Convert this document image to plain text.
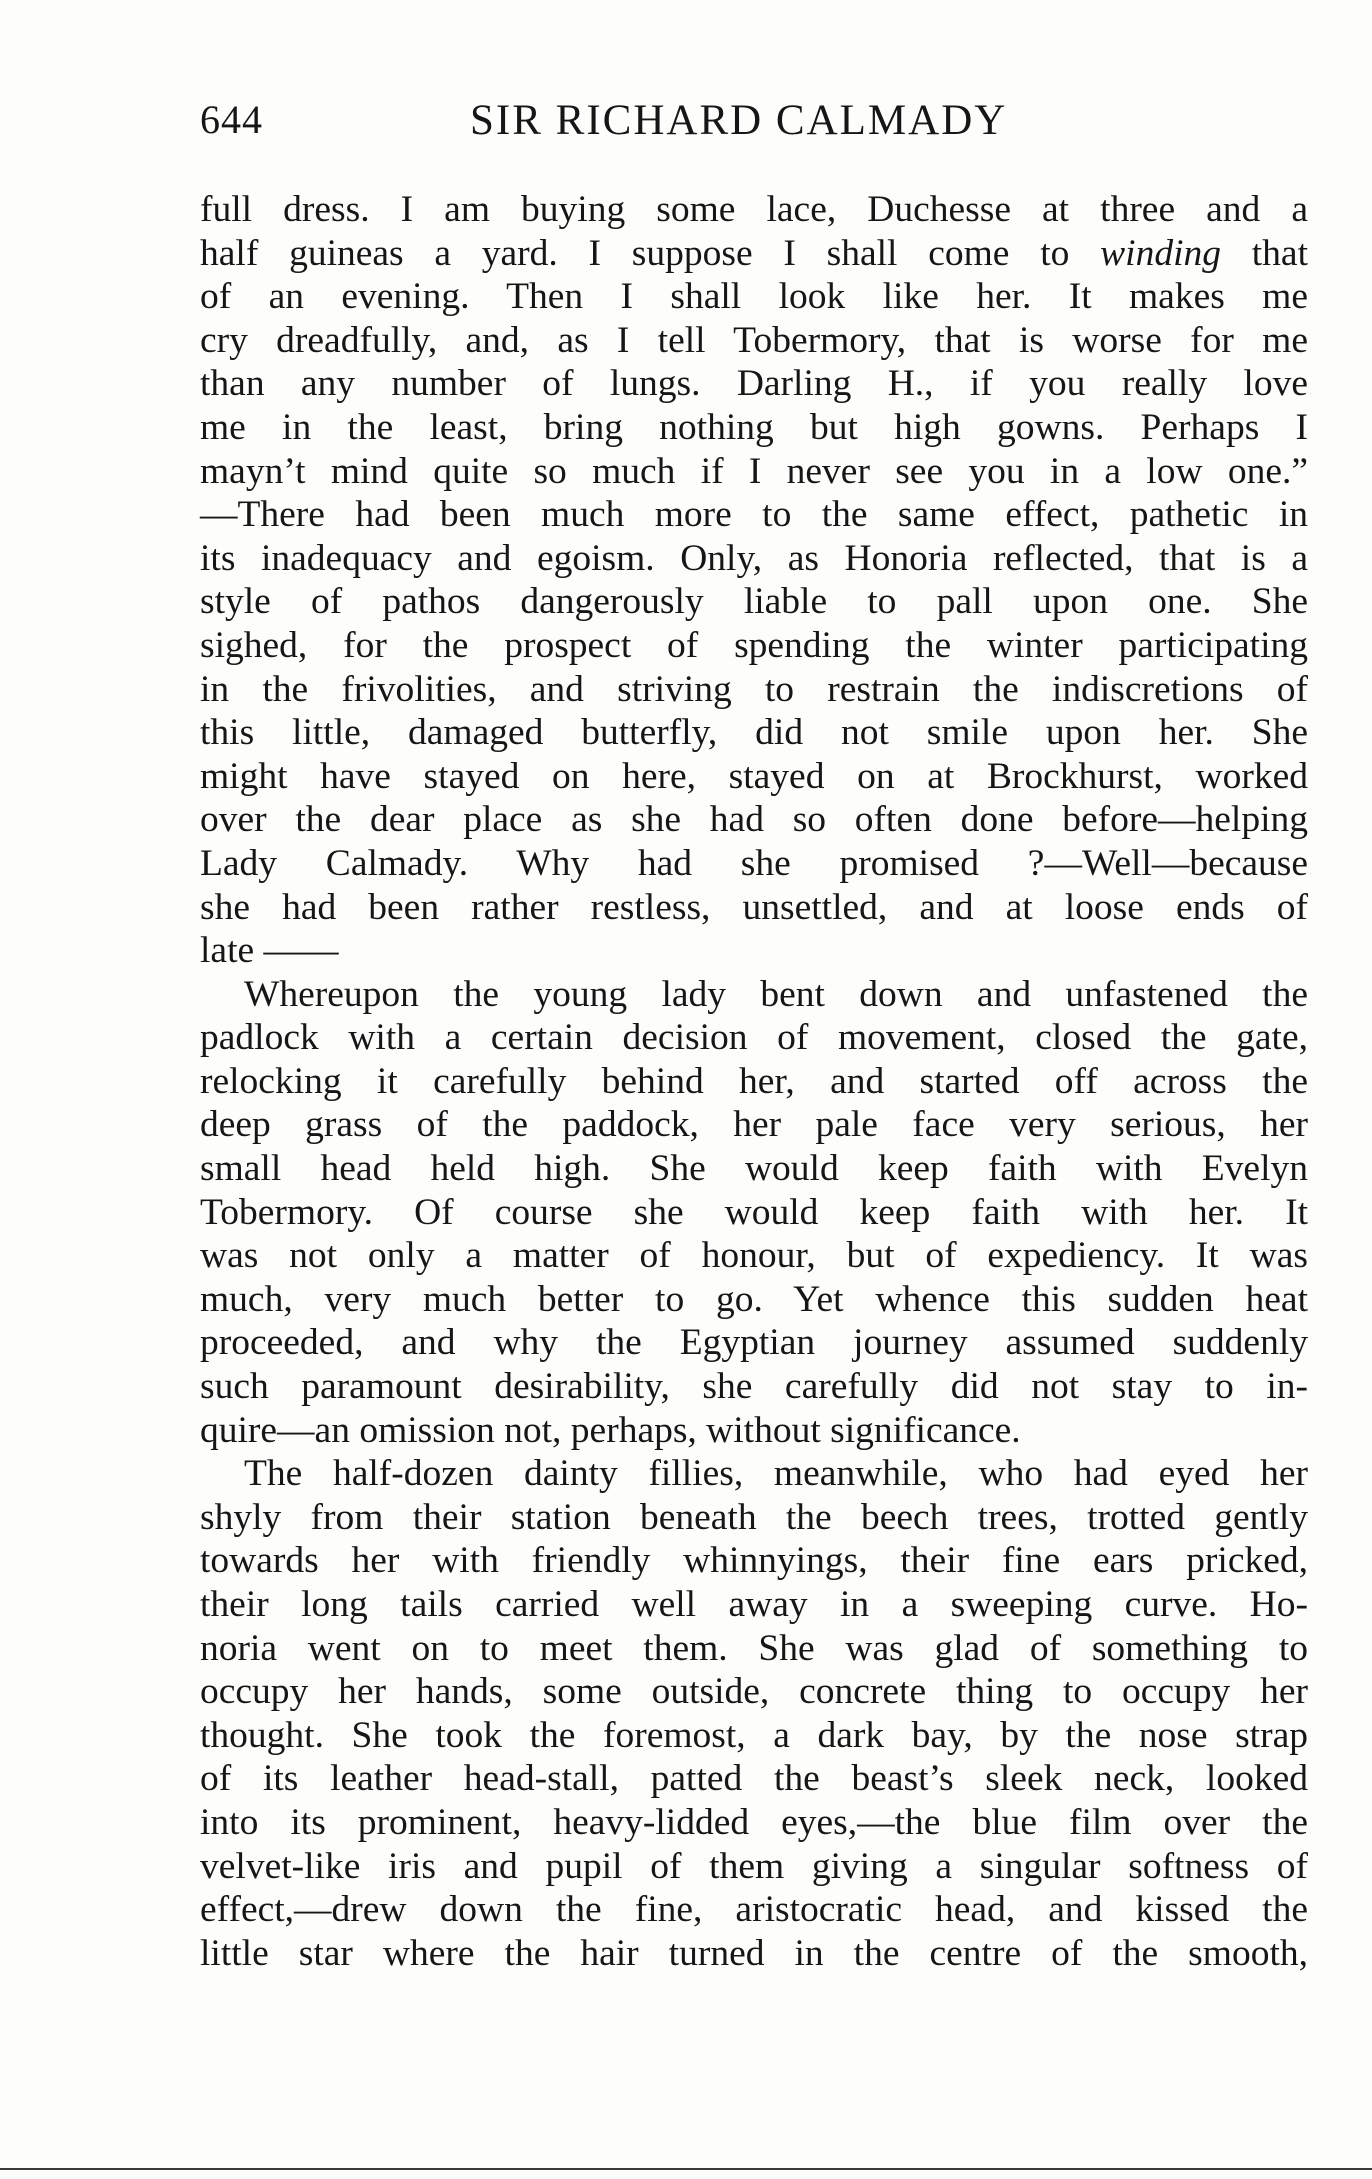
644	SIR RICHARD CALMADY
full dress. I am buying some lace, Duchesse at three and a
half guineas a yard. I suppose I shall come to winding that
of an evening. Then I shall look like her. It makes me
cry dreadfully, and, as I tell Tobermory, that is worse for me
than any number of lungs. Darling H., if you really love
me in the least, bring nothing but high gowns. Perhaps I
mayn’t mind quite so much if I never see you in a low one.”
—There had been much more to the same effect, pathetic in
its inadequacy and egoism. Only, as Honoria reflected, that is a
style of pathos dangerously liable to pall upon one. She
sighed, for the prospect of spending the winter participating
in the frivolities, and striving to restrain the indiscretions of
this little, damaged butterfly, did not smile upon her. She
might have stayed on here, stayed on at Brockhurst, worked
over the dear place as she had so often done before—helping
Lady Calmady. Why had she promised ?—Well—because
she had been rather restless, unsettled, and at loose ends of
late ——
Whereupon the young lady bent down and unfastened the
padlock with a certain decision of movement, closed the gate,
relocking it carefully behind her, and started off across the
deep grass of the paddock, her pale face very serious, her
small head held high. She would keep faith with Evelyn
Tobermory. Of course she would keep faith with her. It
was not only a matter of honour, but of expediency. It was
much, very much better to go. Yet whence this sudden heat
proceeded, and why the Egyptian journey assumed suddenly
such paramount desirability, she carefully did not stay to in-
quire—an omission not, perhaps, without significance.
The half-dozen dainty fillies, meanwhile, who had eyed her
shyly from their station beneath the beech trees, trotted gently
towards her with friendly whinnyings, their fine ears pricked,
their long tails carried well away in a sweeping curve. Ho-
noria went on to meet them. She was glad of something to
occupy her hands, some outside, concrete thing to occupy her
thought. She took the foremost, a dark bay, by the nose strap
of its leather head-stall, patted the beast’s sleek neck, looked
into its prominent, heavy-lidded eyes,—the blue film over the
velvet-like iris and pupil of them giving a singular softness of
effect,—drew down the fine, aristocratic head, and kissed the
little star where the hair turned in the centre of the smooth,
